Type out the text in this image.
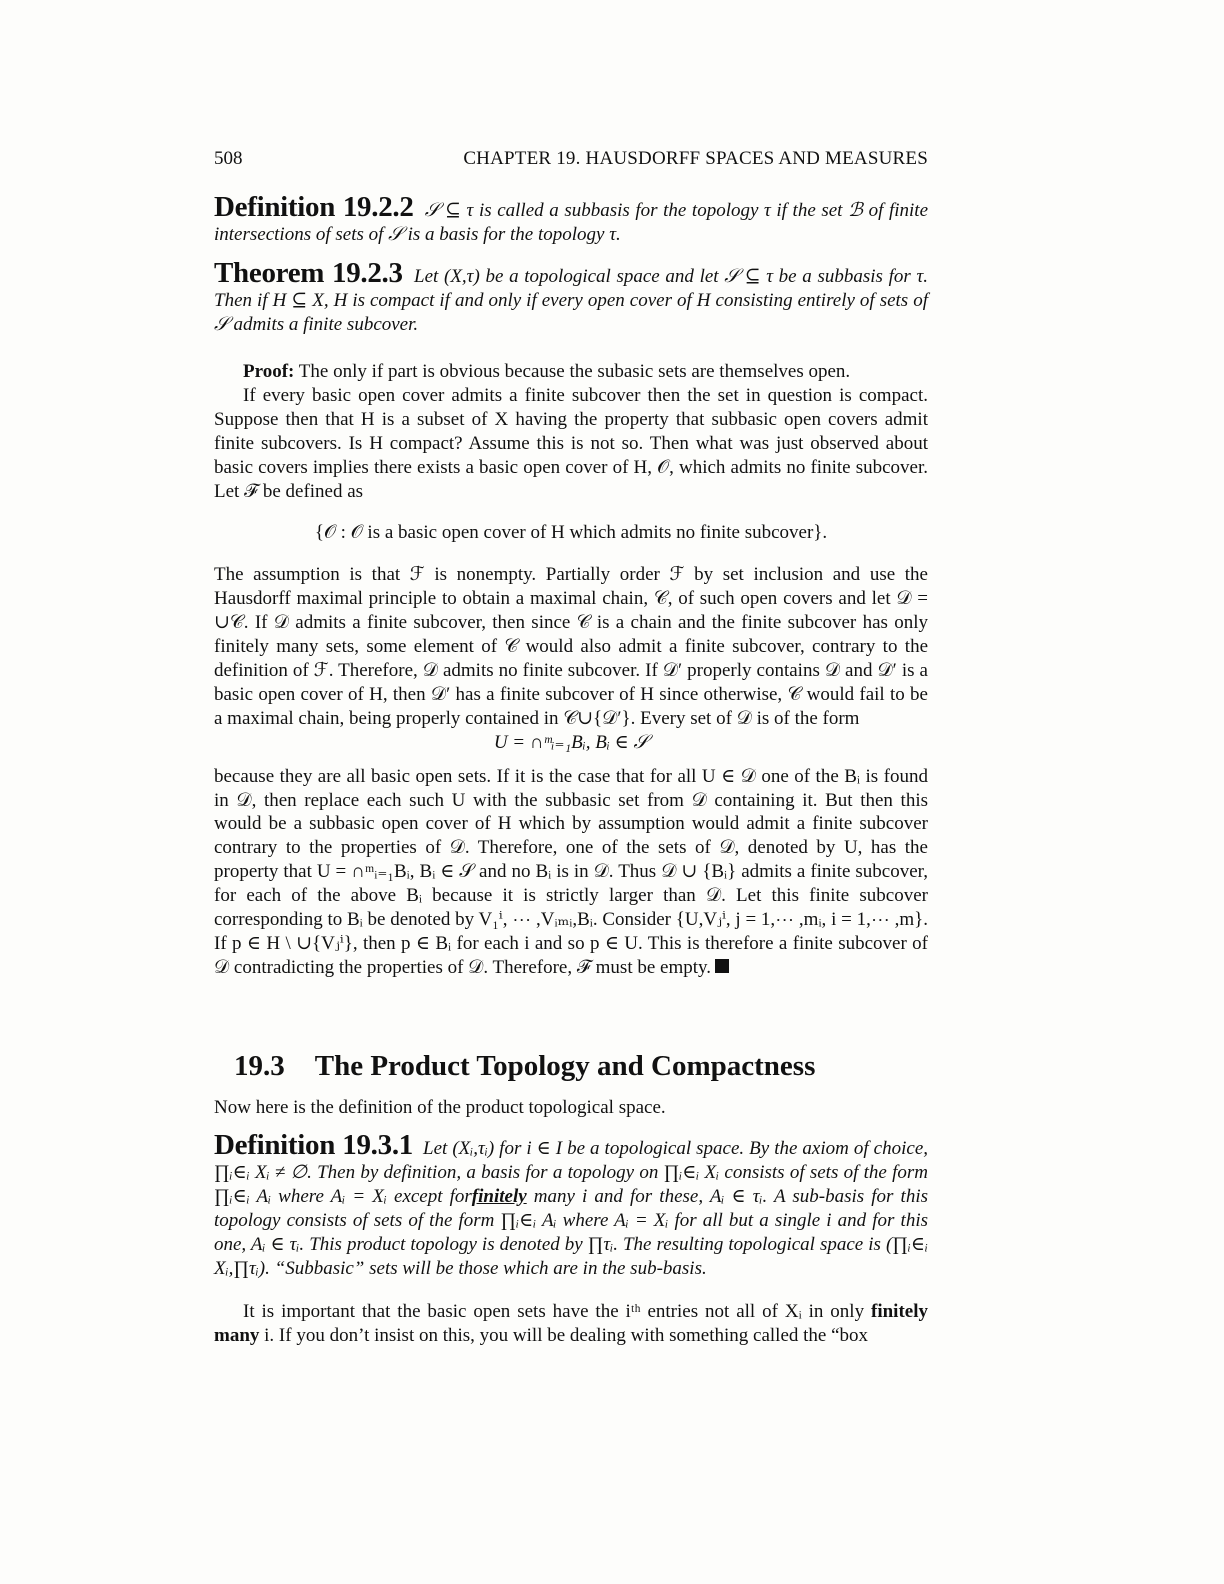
508	CHAPTER 19. HAUSDORFF SPACES AND MEASURES

Definition 19.2.2 𝒮 ⊆ τ is called a subbasis for the topology τ if the set ℬ of finite intersections of sets of 𝒮 is a basis for the topology τ.

Theorem 19.2.3 Let (X,τ) be a topological space and let 𝒮 ⊆ τ be a subbasis for τ. Then if H ⊆ X, H is compact if and only if every open cover of H consisting entirely of sets of 𝒮 admits a finite subcover.

Proof: The only if part is obvious because the subasic sets are themselves open.

If every basic open cover admits a finite subcover then the set in question is compact. Suppose then that H is a subset of X having the property that subbasic open covers admit finite subcovers. Is H compact? Assume this is not so. Then what was just observed about basic covers implies there exists a basic open cover of H, 𝒪, which admits no finite subcover. Let ℱ be defined as

{𝒪 : 𝒪 is a basic open cover of H which admits no finite subcover}.

The assumption is that ℱ is nonempty. Partially order ℱ by set inclusion and use the Hausdorff maximal principle to obtain a maximal chain, 𝒞, of such open covers and let 𝒟 = ∪𝒞. If 𝒟 admits a finite subcover, then since 𝒞 is a chain and the finite subcover has only finitely many sets, some element of 𝒞 would also admit a finite subcover, contrary to the definition of ℱ. Therefore, 𝒟 admits no finite subcover. If 𝒟′ properly contains 𝒟 and 𝒟′ is a basic open cover of H, then 𝒟′ has a finite subcover of H since otherwise, 𝒞 would fail to be a maximal chain, being properly contained in 𝒞∪{𝒟′}. Every set of 𝒟 is of the form

U = ∩ᵐᵢ₌₁Bᵢ, Bᵢ ∈ 𝒮

because they are all basic open sets. If it is the case that for all U ∈ 𝒟 one of the Bᵢ is found in 𝒟, then replace each such U with the subbasic set from 𝒟 containing it. But then this would be a subbasic open cover of H which by assumption would admit a finite subcover contrary to the properties of 𝒟. Therefore, one of the sets of 𝒟, denoted by U, has the property that U = ∩ᵐᵢ₌₁Bᵢ, Bᵢ ∈ 𝒮 and no Bᵢ is in 𝒟. Thus 𝒟 ∪ {Bᵢ} admits a finite subcover, for each of the above Bᵢ because it is strictly larger than 𝒟. Let this finite subcover corresponding to Bᵢ be denoted by V₁ⁱ, ⋯ ,Vᵢₘᵢ,Bᵢ. Consider {U,Vⱼⁱ, j = 1,⋯ ,mᵢ, i = 1,⋯ ,m}. If p ∈ H \ ∪{Vⱼⁱ}, then p ∈ Bᵢ for each i and so p ∈ U. This is therefore a finite subcover of 𝒟 contradicting the properties of 𝒟. Therefore, ℱ must be empty.

19.3 The Product Topology and Compactness

Now here is the definition of the product topological space.

Definition 19.3.1 Let (Xᵢ,τᵢ) for i ∈ I be a topological space. By the axiom of choice, ∏ᵢ∈ᵢ Xᵢ ≠ ∅. Then by definition, a basis for a topology on ∏ᵢ∈ᵢ Xᵢ consists of sets of the form ∏ᵢ∈ᵢ Aᵢ where Aᵢ = Xᵢ except forfinitely many i and for these, Aᵢ ∈ τᵢ. A sub-basis for this topology consists of sets of the form ∏ᵢ∈ᵢ Aᵢ where Aᵢ = Xᵢ for all but a single i and for this one, Aᵢ ∈ τᵢ. This product topology is denoted by ∏τᵢ. The resulting topological space is (∏ᵢ∈ᵢ Xᵢ,∏τᵢ). “Subbasic” sets will be those which are in the sub-basis.

It is important that the basic open sets have the iᵗʰ entries not all of Xᵢ in only finitely many i. If you don’t insist on this, you will be dealing with something called the “box
